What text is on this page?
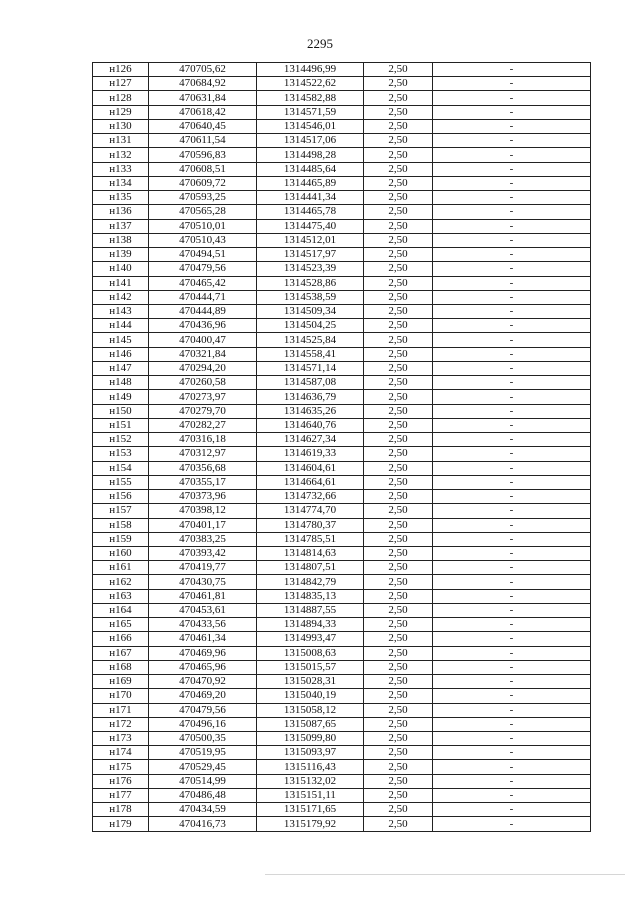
2295
н126	470705,62	1314496,99	2,50	-
н127	470684,92	1314522,62	2,50	-
н128	470631,84	1314582,88	2,50	-
н129	470618,42	1314571,59	2,50	-
н130	470640,45	1314546,01	2,50	-
н131	470611,54	1314517,06	2,50	-
н132	470596,83	1314498,28	2,50	-
н133	470608,51	1314485,64	2,50	-
н134	470609,72	1314465,89	2,50	-
н135	470593,25	1314441,34	2,50	-
н136	470565,28	1314465,78	2,50	-
н137	470510,01	1314475,40	2,50	-
н138	470510,43	1314512,01	2,50	-
н139	470494,51	1314517,97	2,50	-
н140	470479,56	1314523,39	2,50	-
н141	470465,42	1314528,86	2,50	-
н142	470444,71	1314538,59	2,50	-
н143	470444,89	1314509,34	2,50	-
н144	470436,96	1314504,25	2,50	-
н145	470400,47	1314525,84	2,50	-
н146	470321,84	1314558,41	2,50	-
н147	470294,20	1314571,14	2,50	-
н148	470260,58	1314587,08	2,50	-
н149	470273,97	1314636,79	2,50	-
н150	470279,70	1314635,26	2,50	-
н151	470282,27	1314640,76	2,50	-
н152	470316,18	1314627,34	2,50	-
н153	470312,97	1314619,33	2,50	-
н154	470356,68	1314604,61	2,50	-
н155	470355,17	1314664,61	2,50	-
н156	470373,96	1314732,66	2,50	-
н157	470398,12	1314774,70	2,50	-
н158	470401,17	1314780,37	2,50	-
н159	470383,25	1314785,51	2,50	-
н160	470393,42	1314814,63	2,50	-
н161	470419,77	1314807,51	2,50	-
н162	470430,75	1314842,79	2,50	-
н163	470461,81	1314835,13	2,50	-
н164	470453,61	1314887,55	2,50	-
н165	470433,56	1314894,33	2,50	-
н166	470461,34	1314993,47	2,50	-
н167	470469,96	1315008,63	2,50	-
н168	470465,96	1315015,57	2,50	-
н169	470470,92	1315028,31	2,50	-
н170	470469,20	1315040,19	2,50	-
н171	470479,56	1315058,12	2,50	-
н172	470496,16	1315087,65	2,50	-
н173	470500,35	1315099,80	2,50	-
н174	470519,95	1315093,97	2,50	-
н175	470529,45	1315116,43	2,50	-
н176	470514,99	1315132,02	2,50	-
н177	470486,48	1315151,11	2,50	-
н178	470434,59	1315171,65	2,50	-
н179	470416,73	1315179,92	2,50	-
